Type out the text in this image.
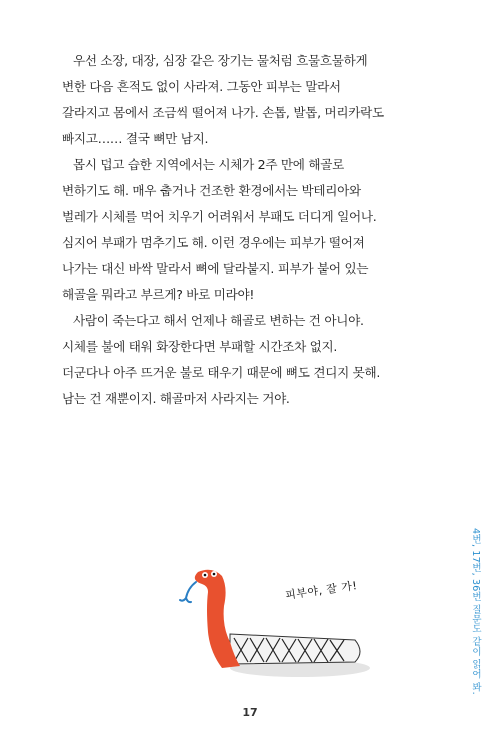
우선 소장, 대장, 심장 같은 장기는 물처럼 흐물흐물하게
변한 다음 흔적도 없이 사라져. 그동안 피부는 말라서
갈라지고 몸에서 조금씩 떨어져 나가. 손톱, 발톱, 머리카락도
빠지고…… 결국 뼈만 남지.
몹시 덥고 습한 지역에서는 시체가 2주 만에 해골로
변하기도 해. 매우 춥거나 건조한 환경에서는 박테리아와
벌레가 시체를 먹어 치우기 어려워서 부패도 더디게 일어나.
심지어 부패가 멈추기도 해. 이런 경우에는 피부가 떨어져
나가는 대신 바싹 말라서 뼈에 달라붙지. 피부가 붙어 있는
해골을 뭐라고 부르게? 바로 미라야!
사람이 죽는다고 해서 언제나 해골로 변하는 건 아니야.
시체를 불에 태워 화장한다면 부패할 시간조차 없지.
더군다나 아주 뜨거운 불로 태우기 때문에 뼈도 견디지 못해.
남는 건 재뿐이지. 해골마저 사라지는 거야.
4번, 17번, 36번 질문도 같이 읽어 봐.
피부야, 잘 가!
17
